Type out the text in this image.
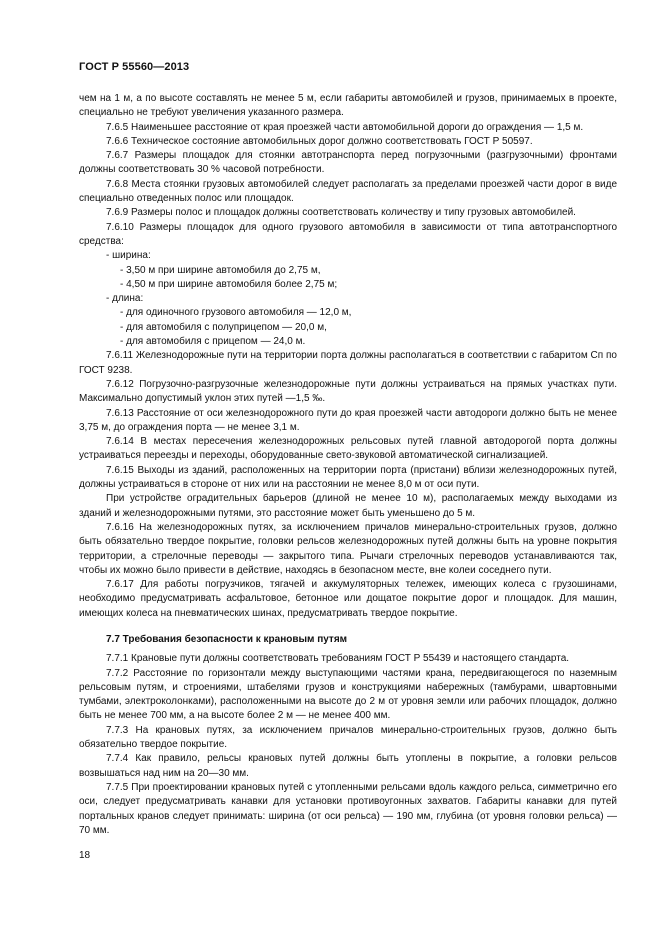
ГОСТ Р 55560—2013

чем на 1 м, а по высоте составлять не менее 5 м, если габариты автомобилей и грузов, принимаемых в проекте, специально не требуют увеличения указанного размера.

7.6.5 Наименьшее расстояние от края проезжей части автомобильной дороги до ограждения — 1,5 м.

7.6.6 Техническое состояние автомобильных дорог должно соответствовать ГОСТ Р 50597.

7.6.7 Размеры площадок для стоянки автотранспорта перед погрузочными (разгрузочными) фронтами должны соответствовать 30 % часовой потребности.

7.6.8 Места стоянки грузовых автомобилей следует располагать за пределами проезжей части дорог в виде специально отведенных полос или площадок.

7.6.9 Размеры полос и площадок должны соответствовать количеству и типу грузовых автомобилей.

7.6.10 Размеры площадок для одного грузового автомобиля в зависимости от типа автотранспортного средства:

- ширина:

- 3,50 м при ширине автомобиля до 2,75 м,

- 4,50 м при ширине автомобиля более 2,75 м;

- длина:

- для одиночного грузового автомобиля — 12,0 м,

- для автомобиля с полуприцепом — 20,0 м,

- для автомобиля с прицепом — 24,0 м.

7.6.11 Железнодорожные пути на территории порта должны располагаться в соответствии с габаритом Сп по ГОСТ 9238.

7.6.12 Погрузочно-разгрузочные железнодорожные пути должны устраиваться на прямых участках пути. Максимально допустимый уклон этих путей —1,5 ‰.

7.6.13 Расстояние от оси железнодорожного пути до края проезжей части автодороги должно быть не менее 3,75 м, до ограждения порта — не менее 3,1 м.

7.6.14 В местах пересечения железнодорожных рельсовых путей главной автодорогой порта должны устраиваться переезды и переходы, оборудованные свето-звуковой автоматической сигнализацией.

7.6.15 Выходы из зданий, расположенных на территории порта (пристани) вблизи железнодорожных путей, должны устраиваться в стороне от них или на расстоянии не менее 8,0 м от оси пути.

При устройстве оградительных барьеров (длиной не менее 10 м), располагаемых между выходами из зданий и железнодорожными путями, это расстояние может быть уменьшено до 5 м.

7.6.16 На железнодорожных путях, за исключением причалов минерально-строительных грузов, должно быть обязательно твердое покрытие, головки рельсов железнодорожных путей должны быть на уровне покрытия территории, а стрелочные переводы — закрытого типа. Рычаги стрелочных переводов устанавливаются так, чтобы их можно было привести в действие, находясь в безопасном месте, вне колеи соседнего пути.

7.6.17 Для работы погрузчиков, тягачей и аккумуляторных тележек, имеющих колеса с грузошинами, необходимо предусматривать асфальтовое, бетонное или дощатое покрытие дорог и площадок. Для машин, имеющих колеса на пневматических шинах, предусматривать твердое покрытие.

7.7 Требования безопасности к крановым путям

7.7.1 Крановые пути должны соответствовать требованиям ГОСТ Р 55439 и настоящего стандарта.

7.7.2 Расстояние по горизонтали между выступающими частями крана, передвигающегося по наземным рельсовым путям, и строениями, штабелями грузов и конструкциями набережных (тамбурами, швартовными тумбами, электроколонками), расположенными на высоте до 2 м от уровня земли или рабочих площадок, должно быть не менее 700 мм, а на высоте более 2 м — не менее 400 мм.

7.7.3 На крановых путях, за исключением причалов минерально-строительных грузов, должно быть обязательно твердое покрытие.

7.7.4 Как правило, рельсы крановых путей должны быть утоплены в покрытие, а головки рельсов возвышаться над ним на 20—30 мм.

7.7.5 При проектировании крановых путей с утопленными рельсами вдоль каждого рельса, симметрично его оси, следует предусматривать канавки для установки противоугонных захватов. Габариты канавки для путей портальных кранов следует принимать: ширина (от оси рельса) — 190 мм, глубина (от уровня головки рельса) — 70 мм.

18
